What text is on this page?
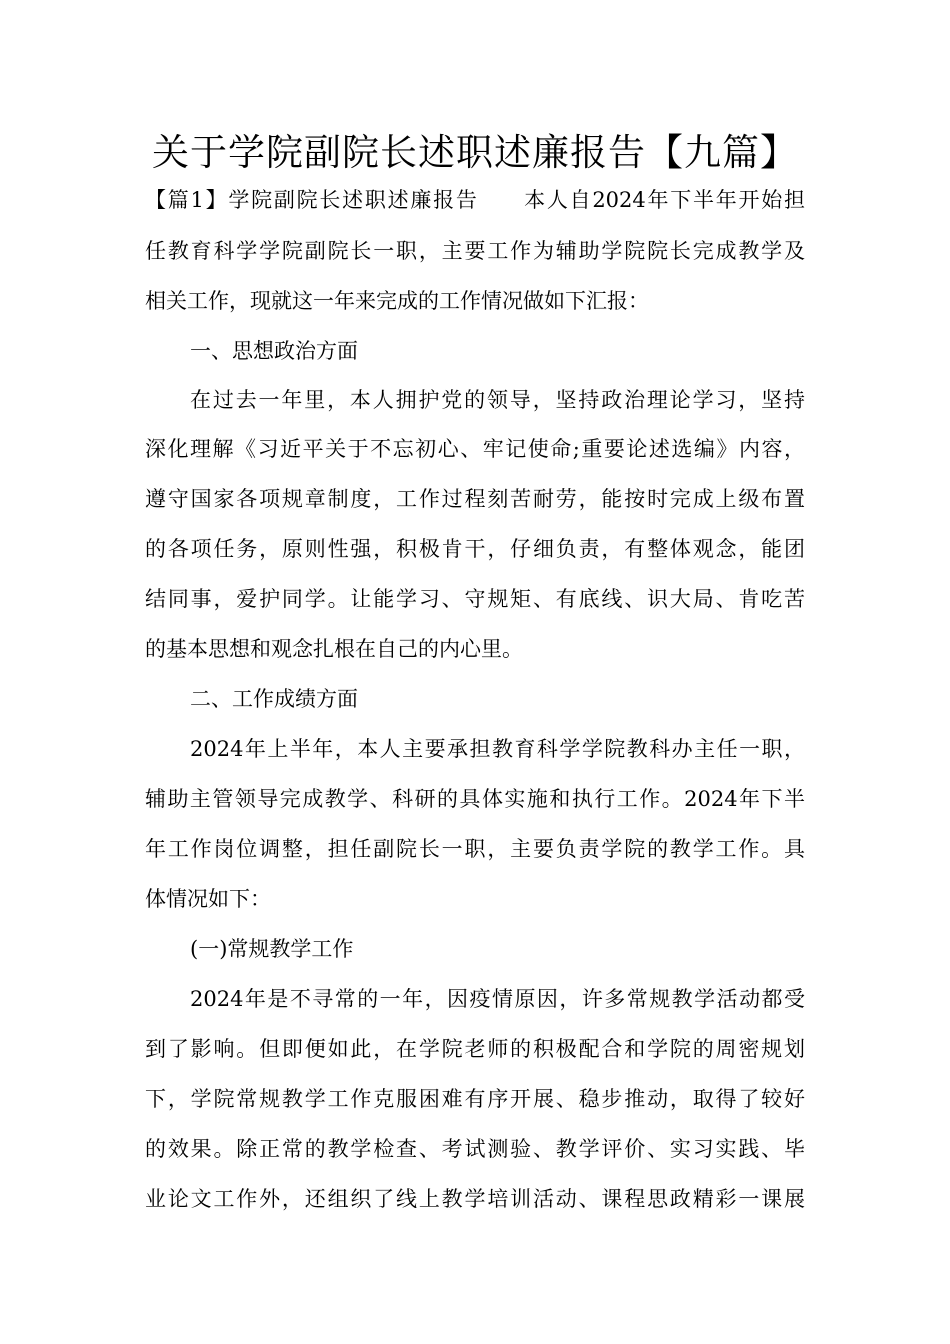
关于学院副院长述职述廉报告【九篇】
【篇1】学院副院长述职述廉报告　　本人自2024年下半年开始担
任教育科学学院副院长一职，主要工作为辅助学院院长完成教学及
相关工作，现就这一年来完成的工作情况做如下汇报：
一、思想政治方面
在过去一年里，本人拥护党的领导，坚持政治理论学习，坚持
深化理解《习近平关于不忘初心、牢记使命;重要论述选编》内容，
遵守国家各项规章制度，工作过程刻苦耐劳，能按时完成上级布置
的各项任务，原则性强，积极肯干，仔细负责，有整体观念，能团
结同事，爱护同学。让能学习、守规矩、有底线、识大局、肯吃苦
的基本思想和观念扎根在自己的内心里。
二、工作成绩方面
2024年上半年，本人主要承担教育科学学院教科办主任一职，
辅助主管领导完成教学、科研的具体实施和执行工作。2024年下半
年工作岗位调整，担任副院长一职，主要负责学院的教学工作。具
体情况如下：
(一)常规教学工作
2024年是不寻常的一年，因疫情原因，许多常规教学活动都受
到了影响。但即便如此，在学院老师的积极配合和学院的周密规划
下，学院常规教学工作克服困难有序开展、稳步推动，取得了较好
的效果。除正常的教学检查、考试测验、教学评价、实习实践、毕
业论文工作外，还组织了线上教学培训活动、课程思政精彩一课展
